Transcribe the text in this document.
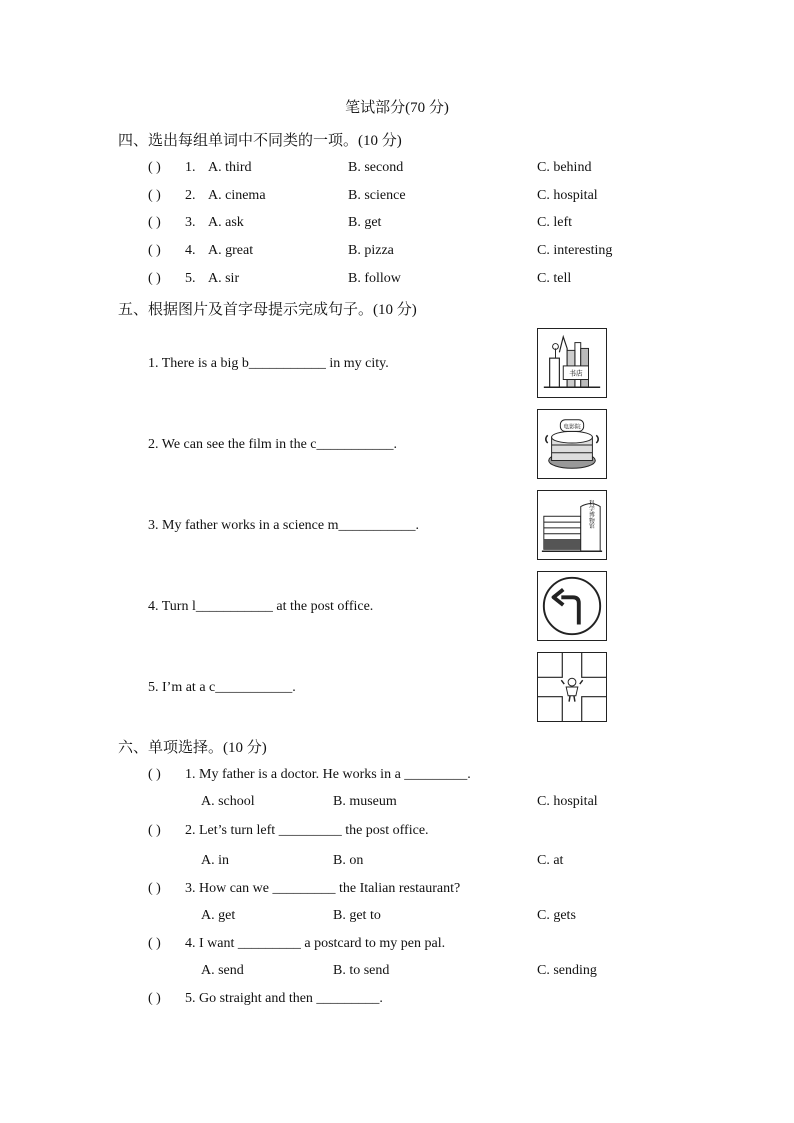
笔试部分(70 分)
四、选出每组单词中不同类的一项。(10 分)
( ) 1. A. third	B. second	C. behind
( ) 2. A. cinema	B. science	C. hospital
( ) 3. A. ask	B. get	C. left
( ) 4. A. great	B. pizza	C. interesting
( ) 5. A. sir	B. follow	C. tell
五、根据图片及首字母提示完成句子。(10 分)
1. There is a big b___________ in my city.
书店
2. We can see the film in the c___________.
电影院
3. My father works in a science m___________.	科学博物馆
4. Turn l___________ at the post office.
5. I’m at a c___________.
六、单项选择。(10 分)
( ) 1. My father is a doctor. He works in a _________.
A. school	B. museum	C. hospital
( ) 2. Let’s turn left _________ the post office.
A. in	B. on	C. at
( ) 3. How can we _________ the Italian restaurant?
A. get	B. get to	C. gets
( ) 4. I want _________ a postcard to my pen pal.
A. send	B. to send	C. sending
( ) 5. Go straight and then _________.
